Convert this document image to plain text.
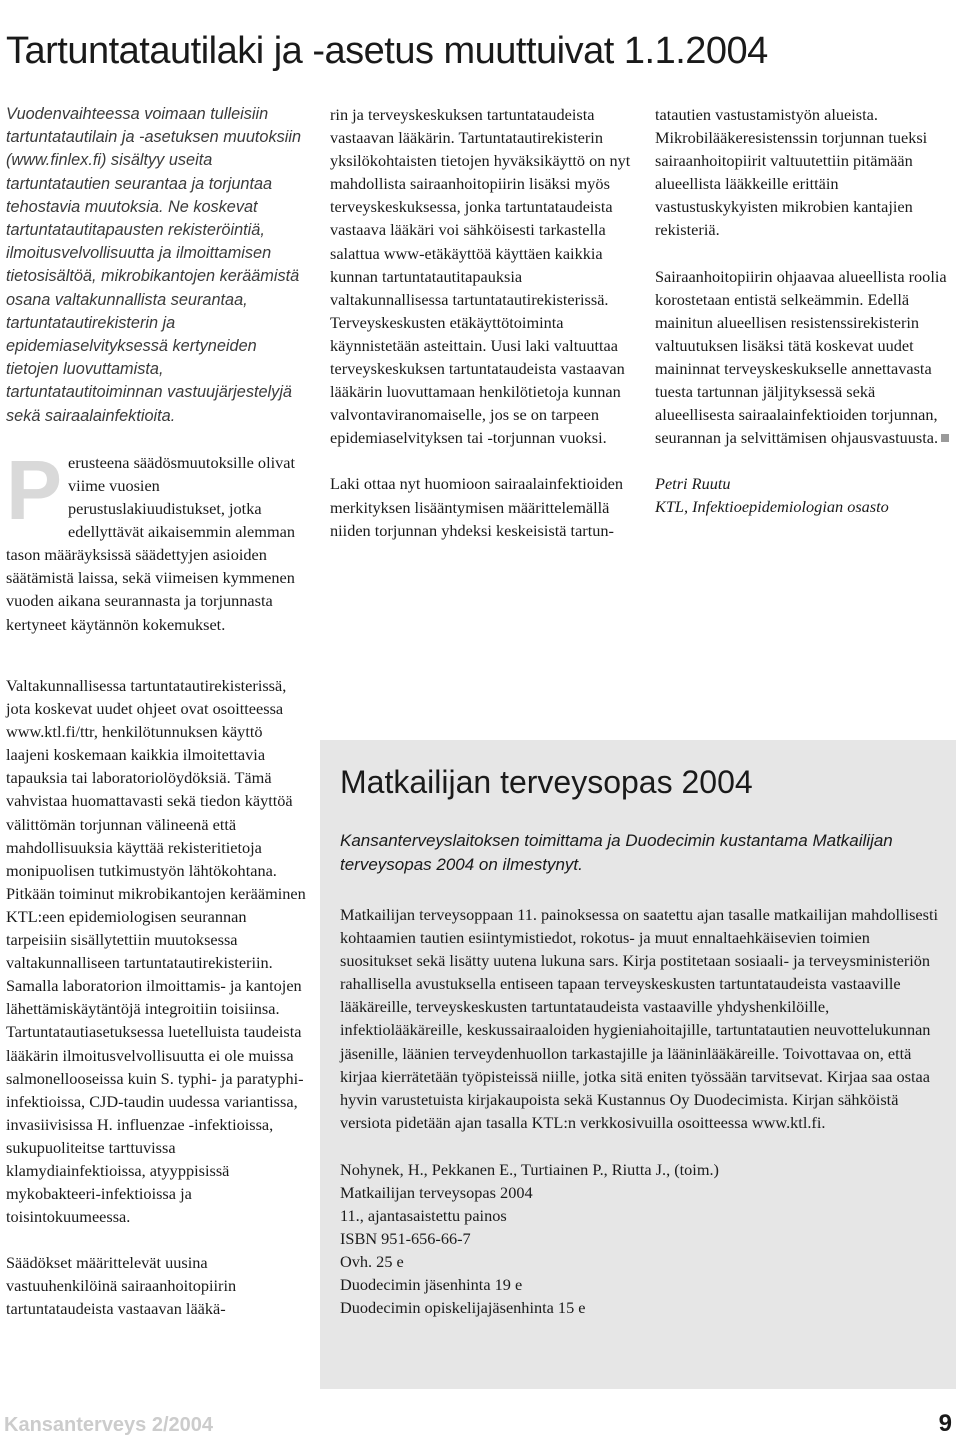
Tartuntatautilaki ja -asetus muuttuivat 1.1.2004

Vuodenvaihteessa voimaan tulleisiin tartuntatautilain ja -asetuksen muutoksiin (www.finlex.fi) sisältyy useita tartuntatautien seurantaa ja torjuntaa tehostavia muutoksia. Ne koskevat tartuntatautitapausten rekisteröintiä, ilmoitusvelvollisuutta ja ilmoittamisen tietosisältöä, mikrobikantojen keräämistä osana valtakunnallista seurantaa, tartuntatautirekisterin ja epidemiaselvityksessä kertyneiden tietojen luovuttamista, tartuntatautitoiminnan vastuujärjestelyjä sekä sairaalainfektioita.

P erusteena säädösmuutoksille olivat viime vuosien perustuslakiuudistukset, jotka edellyttävät aikaisemmin alemman tason määräyksissä säädettyjen asioiden säätämistä laissa, sekä viimeisen kymmenen vuoden aikana seurannasta ja torjunnasta kertyneet käytännön kokemukset.

Valtakunnallisessa tartuntatautirekisterissä, jota koskevat uudet ohjeet ovat osoitteessa www.ktl.fi/ttr, henkilötunnuksen käyttö laajeni koskemaan kaikkia ilmoitettavia tapauksia tai laboratoriolöydöksiä. Tämä vahvistaa huomattavasti sekä tiedon käyttöä välittömän torjunnan välineenä että mahdollisuuksia käyttää rekisteritietoja monipuolisen tutkimustyön lähtökohtana. Pitkään toiminut mikrobikantojen kerääminen KTL:een epidemiologisen seurannan tarpeisiin sisällytettiin muutoksessa valtakunnalliseen tartuntatautirekisteriin. Samalla laboratorion ilmoittamis- ja kantojen lähettämiskäytäntöjä integroitiin toisiinsa. Tartuntatautiasetuksessa luetelluista taudeista lääkärin ilmoitusvelvollisuutta ei ole muissa salmonellooseissa kuin S. typhi- ja paratyphi-infektioissa, CJD-taudin uudessa variantissa, invasiivisissa H. influenzae -infektioissa, sukupuoliteitse tarttuvissa klamydiainfektioissa, atyyppisissä mykobakteeri-infektioissa ja toisintokuumeessa.

Säädökset määrittelevät uusina vastuuhenkilöinä sairaanhoitopiirin tartuntataudeista vastaavan lääkä-

rin ja terveyskeskuksen tartuntataudeista vastaavan lääkärin. Tartuntatautirekisterin yksilökohtaisten tietojen hyväksikäyttö on nyt mahdollista sairaanhoitopiirin lisäksi myös terveyskeskuksessa, jonka tartuntataudeista vastaava lääkäri voi sähköisesti tarkastella salattua www-etäkäyttöä käyttäen kaikkia kunnan tartuntatautitapauksia valtakunnallisessa tartuntatautirekisterissä. Terveyskeskusten etäkäyttötoiminta käynnistetään asteittain. Uusi laki valtuuttaa terveyskeskuksen tartuntataudeista vastaavan lääkärin luovuttamaan henkilötietoja kunnan valvontaviranomaiselle, jos se on tarpeen epidemiaselvityksen tai -torjunnan vuoksi.

Laki ottaa nyt huomioon sairaalainfektioiden merkityksen lisääntymisen määrittelemällä niiden torjunnan yhdeksi keskeisistä tartun-

tatautien vastustamistyön alueista. Mikrobilääkeresistenssin torjunnan tueksi sairaanhoitopiirit valtuutettiin pitämään alueellista lääkkeille erittäin vastustuskykyisten mikrobien kantajien rekisteriä.

Sairaanhoitopiirin ohjaavaa alueellista roolia korostetaan entistä selkeämmin. Edellä mainitun alueellisen resistenssirekisterin valtuutuksen lisäksi tätä koskevat uudet maininnat terveyskeskukselle annettavasta tuesta tartunnan jäljityksessä sekä alueellisesta sairaalainfektioiden torjunnan, seurannan ja selvittämisen ohjausvastuusta.

Petri Ruutu

KTL, Infektioepidemiologian osasto

Matkailijan terveysopas 2004

Kansanterveyslaitoksen toimittama ja Duodecimin kustantama Matkailijan terveysopas 2004 on ilmestynyt.

Matkailijan terveysoppaan 11. painoksessa on saatettu ajan tasalle matkailijan mahdollisesti kohtaamien tautien esiintymistiedot, rokotus- ja muut ennaltaehkäisevien toimien suositukset sekä lisätty uutena lukuna sars. Kirja postitetaan sosiaali- ja terveysministeriön rahallisella avustuksella entiseen tapaan terveyskeskusten tartuntataudeista vastaaville lääkäreille, terveyskeskusten tartuntataudeista vastaaville yhdyshenkilöille, infektiolääkäreille, keskussairaaloiden hygieniahoitajille, tartuntatautien neuvottelukunnan jäsenille, läänien terveydenhuollon tarkastajille ja lääninlääkäreille. Toivottavaa on, että kirjaa kierrätetään työpisteissä niille, jotka sitä eniten työssään tarvitsevat. Kirjaa saa ostaa hyvin varustetuista kirjakaupoista sekä Kustannus Oy Duodecimista. Kirjan sähköistä versiota pidetään ajan tasalla KTL:n verkkosivuilla osoitteessa www.ktl.fi.

Nohynek, H., Pekkanen E., Turtiainen P., Riutta J., (toim.)
Matkailijan terveysopas 2004
11., ajantasaistettu painos
ISBN 951-656-66-7
Ovh. 25 e
Duodecimin jäsenhinta 19 e
Duodecimin opiskelijajäsenhinta 15 e
Kansanterveys 2/2004	9
